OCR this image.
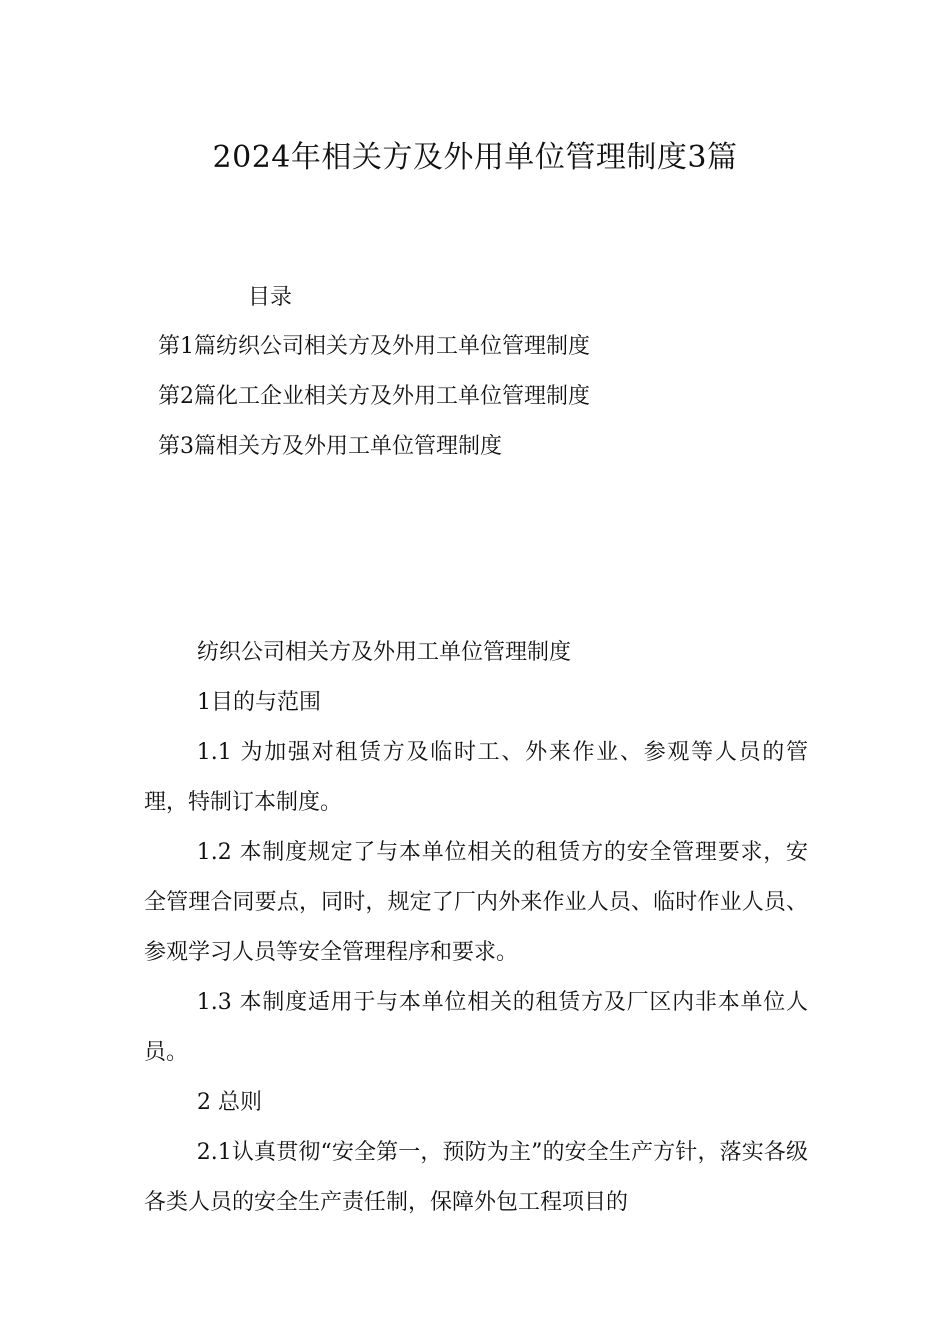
2024年相关方及外用单位管理制度3篇
目录
第1篇纺织公司相关方及外用工单位管理制度
第2篇化工企业相关方及外用工单位管理制度
第3篇相关方及外用工单位管理制度

纺织公司相关方及外用工单位管理制度

1目的与范围

1.1 为加强对租赁方及临时工、外来作业、参观等人员的管理，特制订本制度。

1.2 本制度规定了与本单位相关的租赁方的安全管理要求，安全管理合同要点，同时，规定了厂内外来作业人员、临时作业人员、参观学习人员等安全管理程序和要求。

1.3 本制度适用于与本单位相关的租赁方及厂区内非本单位人员。

2 总则

2.1认真贯彻“安全第一，预防为主”的安全生产方针，落实各级各类人员的安全生产责任制，保障外包工程项目的
